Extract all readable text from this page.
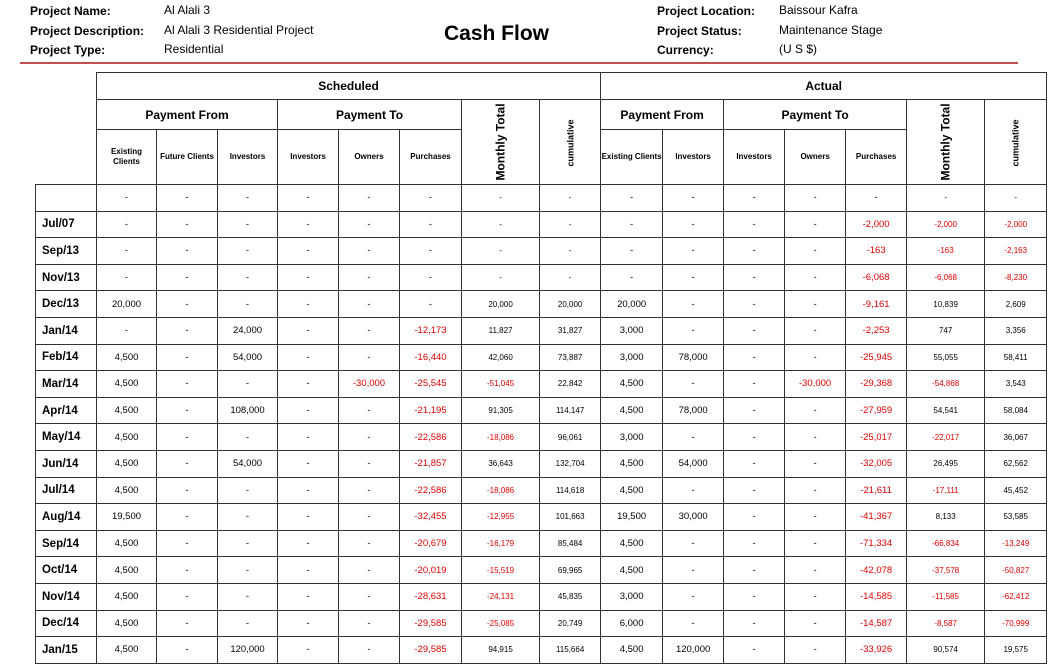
Project Name:	Al Alali 3
Project Description: Al Alali 3 Residential Project
Project Type:	Residential
Cash Flow
Project Location: Baissour Kafra
Project Status:	Maintenance Stage
Currency:	(U S $)
	Scheduled								Actual						
	Payment From			Payment To			Monthly Total	cumulative	Payment From		Payment To			Monthly Total	cumulative
	Existing Clients	Future Clients	Investors	Investors	Owners	Purchases			Existing Clients	Investors	Investors	Owners	Purchases		
	-	-	-	-	-	-	-	-	-	-	-	-	-	-	-
Jul/07	-	-	-	-	-	-	-	-	-	-	-	-	-2,000	-2,000	-2,000
Sep/13	-	-	-	-	-	-	-	-	-	-	-	-	-163	-163	-2,163
Nov/13	-	-	-	-	-	-	-	-	-	-	-	-	-6,068	-6,068	-8,230
Dec/13	20,000	-	-	-	-	-	20,000	20,000	20,000	-	-	-	-9,161	10,839	2,609
Jan/14	-	-	24,000	-	-	-12,173	11,827	31,827	3,000	-	-	-	-2,253	747	3,356
Feb/14	4,500	-	54,000	-	-	-16,440	42,060	73,887	3,000	78,000	-	-	-25,945	55,055	58,411
Mar/14	4,500	-	-	-	-30,000	-25,545	-51,045	22,842	4,500	-	-	-30,000	-29,368	-54,868	3,543
Apr/14	4,500	-	108,000	-	-	-21,195	91,305	114,147	4,500	78,000	-	-	-27,959	54,541	58,084
May/14	4,500	-	-	-	-	-22,586	-18,086	96,061	3,000	-	-	-	-25,017	-22,017	36,067
Jun/14	4,500	-	54,000	-	-	-21,857	36,643	132,704	4,500	54,000	-	-	-32,005	26,495	62,562
Jul/14	4,500	-	-	-	-	-22,586	-18,086	114,618	4,500	-	-	-	-21,611	-17,111	45,452
Aug/14	19,500	-	-	-	-	-32,455	-12,955	101,663	19,500	30,000	-	-	-41,367	8,133	53,585
Sep/14	4,500	-	-	-	-	-20,679	-16,179	85,484	4,500	-	-	-	-71,334	-66,834	-13,249
Oct/14	4,500	-	-	-	-	-20,019	-15,519	69,965	4,500	-	-	-	-42,078	-37,578	-50,827
Nov/14	4,500	-	-	-	-	-28,631	-24,131	45,835	3,000	-	-	-	-14,585	-11,585	-62,412
Dec/14	4,500	-	-	-	-	-29,585	-25,085	20,749	6,000	-	-	-	-14,587	-8,587	-70,999
Jan/15	4,500	-	120,000	-	-	-29,585	94,915	115,664	4,500	120,000	-	-	-33,926	90,574	19,575
